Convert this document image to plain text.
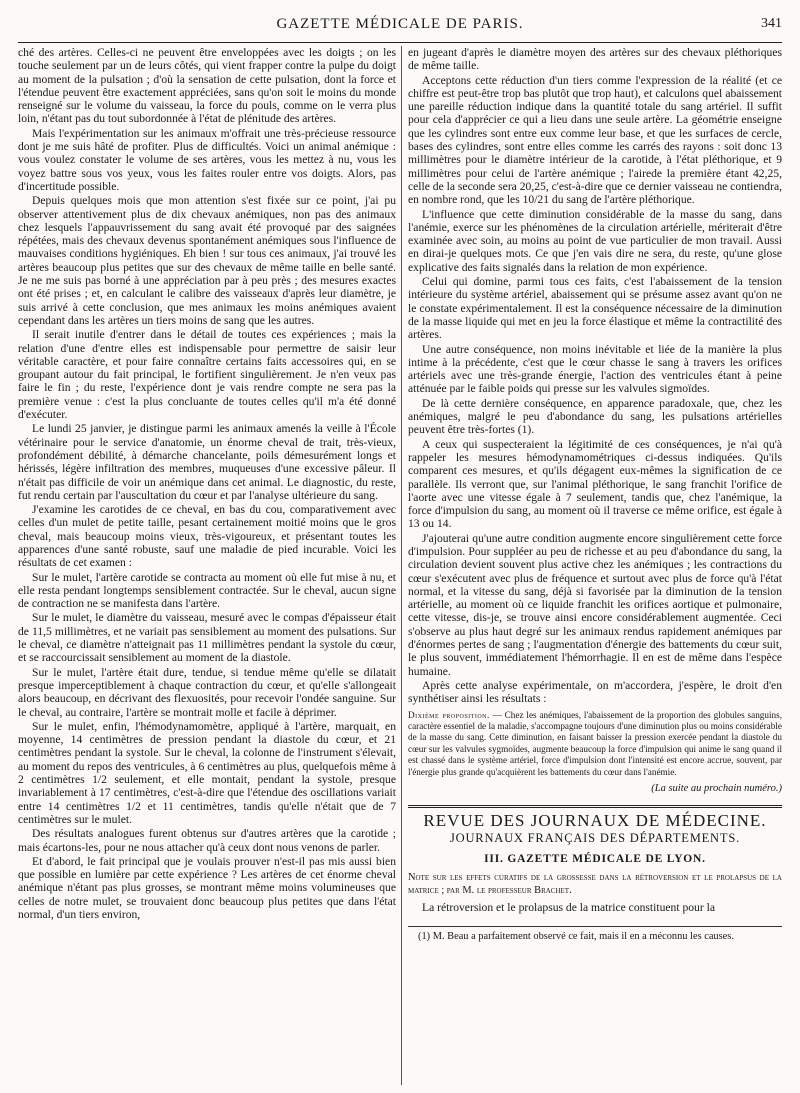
GAZETTE MÉDICALE DE PARIS.	341

ché des artères. Celles-ci ne peuvent être enveloppées avec les doigts ; on les touche seulement par un de leurs côtés, qui vient frapper contre la pulpe du doigt au moment de la pulsation ; d'où la sensation de cette pulsation, dont la force et l'étendue peuvent être exactement appréciées, sans qu'on soit le moins du monde renseigné sur le volume du vaisseau, la force du pouls, comme on le verra plus loin, n'étant pas du tout subordonnée à l'état de plénitude des artères.

Mais l'expérimentation sur les animaux m'offrait une très-précieuse ressource dont je me suis hâté de profiter. Plus de difficultés. Voici un animal anémique : vous voulez constater le volume de ses artères, vous les mettez à nu, vous les voyez battre sous vos yeux, vous les faites rouler entre vos doigts. Alors, pas d'incertitude possible.

Depuis quelques mois que mon attention s'est fixée sur ce point, j'ai pu observer attentivement plus de dix chevaux anémiques, non pas des animaux chez lesquels l'appauvrissement du sang avait été provoqué par des saignées répétées, mais des chevaux devenus spontanément anémiques sous l'influence de mauvaises conditions hygiéniques. Eh bien ! sur tous ces animaux, j'ai trouvé les artères beaucoup plus petites que sur des chevaux de même taille en belle santé. Je ne me suis pas borné à une appréciation par à peu près ; des mesures exactes ont été prises ; et, en calculant le calibre des vaisseaux d'après leur diamètre, je suis arrivé à cette conclusion, que mes animaux les moins anémiques avaient cependant dans les artères un tiers moins de sang que les autres.

Il serait inutile d'entrer dans le détail de toutes ces expériences ; mais la relation d'une d'entre elles est indispensable pour permettre de saisir leur véritable caractère, et pour faire connaître certains faits accessoires qui, en se groupant autour du fait principal, le fortifient singulièrement. Je n'en veux pas faire le fin ; du reste, l'expérience dont je vais rendre compte ne sera pas la première venue : c'est la plus concluante de toutes celles qu'il m'a été donné d'exécuter.

Le lundi 25 janvier, je distingue parmi les animaux amenés la veille à l'École vétérinaire pour le service d'anatomie, un énorme cheval de trait, très-vieux, profondément débilité, à démarche chancelante, poils démesurément longs et hérissés, légère infiltration des membres, muqueuses d'une excessive pâleur. Il n'était pas difficile de voir un anémique dans cet animal. Le diagnostic, du reste, fut rendu certain par l'auscultation du cœur et par l'analyse ultérieure du sang.

J'examine les carotides de ce cheval, en bas du cou, comparativement avec celles d'un mulet de petite taille, pesant certainement moitié moins que le gros cheval, mais beaucoup moins vieux, très-vigoureux, et présentant toutes les apparences d'une santé robuste, sauf une maladie de pied incurable. Voici les résultats de cet examen :

Sur le mulet, l'artère carotide se contracta au moment où elle fut mise à nu, et elle resta pendant longtemps sensiblement contractée. Sur le cheval, aucun signe de contraction ne se manifesta dans l'artère.

Sur le mulet, le diamètre du vaisseau, mesuré avec le compas d'épaisseur était de 11,5 millimètres, et ne variait pas sensiblement au moment des pulsations. Sur le cheval, ce diamètre n'atteignait pas 11 millimètres pendant la systole du cœur, et se raccourcissait sensiblement au moment de la diastole.

Sur le mulet, l'artère était dure, tendue, si tendue même qu'elle se dilatait presque imperceptiblement à chaque contraction du cœur, et qu'elle s'allongeait alors beaucoup, en décrivant des flexuosités, pour recevoir l'ondée sanguine. Sur le cheval, au contraire, l'artère se montrait molle et facile à déprimer.

Sur le mulet, enfin, l'hémodynamomètre, appliqué à l'artère, marquait, en moyenne, 14 centimètres de pression pendant la diastole du cœur, et 21 centimètres pendant la systole. Sur le cheval, la colonne de l'instrument s'élevait, au moment du repos des ventricules, à 6 centimètres au plus, quelquefois même à 2 centimètres 1/2 seulement, et elle montait, pendant la systole, presque invariablement à 17 centimètres, c'est-à-dire que l'étendue des oscillations variait entre 14 centimètres 1/2 et 11 centimètres, tandis qu'elle n'était que de 7 centimètres sur le mulet.

Des résultats analogues furent obtenus sur d'autres artères que la carotide ; mais écartons-les, pour ne nous attacher qu'à ceux dont nous venons de parler.

Et d'abord, le fait principal que je voulais prouver n'est-il pas mis aussi bien que possible en lumière par cette expérience ? Les artères de cet énorme cheval anémique n'étant pas plus grosses, se montrant même moins volumineuses que celles de notre mulet, se trouvaient donc beaucoup plus petites que dans l'état normal, d'un tiers environ,

en jugeant d'après le diamètre moyen des artères sur des chevaux pléthoriques de même taille.

Acceptons cette réduction d'un tiers comme l'expression de la réalité (et ce chiffre est peut-être trop bas plutôt que trop haut), et calculons quel abaissement une pareille réduction indique dans la quantité totale du sang artériel. Il suffit pour cela d'apprécier ce qui a lieu dans une seule artère. La géométrie enseigne que les cylindres sont entre eux comme leur base, et que les surfaces de cercle, bases des cylindres, sont entre elles comme les carrés des rayons : soit donc 13 millimètres pour le diamètre intérieur de la carotide, à l'état pléthorique, et 9 millimètres pour celui de l'artère anémique ; l'airede la première étant 42,25, celle de la seconde sera 20,25, c'est-à-dire que ce dernier vaisseau ne contiendra, en nombre rond, que les 10/21 du sang de l'artère pléthorique.

L'influence que cette diminution considérable de la masse du sang, dans l'anémie, exerce sur les phénomènes de la circulation artérielle, mériterait d'être examinée avec soin, au moins au point de vue particulier de mon travail. Aussi en dirai-je quelques mots. Ce que j'en vais dire ne sera, du reste, qu'une glose explicative des faits signalés dans la relation de mon expérience.

Celui qui domine, parmi tous ces faits, c'est l'abaissement de la tension intérieure du système artériel, abaissement qui se présume assez avant qu'on ne le constate expérimentalement. Il est la conséquence nécessaire de la diminution de la masse liquide qui met en jeu la force élastique et même la contractilité des artères.

Une autre conséquence, non moins inévitable et liée de la manière la plus intime à la précédente, c'est que le cœur chasse le sang à travers les orifices artériels avec une très-grande énergie, l'action des ventricules étant à peine atténuée par le faible poids qui presse sur les valvules sigmoïdes.

De là cette dernière conséquence, en apparence paradoxale, que, chez les anémiques, malgré le peu d'abondance du sang, les pulsations artérielles peuvent être très-fortes (1).

A ceux qui suspecteraient la légitimité de ces conséquences, je n'ai qu'à rappeler les mesures hémodynamométriques ci-dessus indiquées. Qu'ils comparent ces mesures, et qu'ils dégagent eux-mêmes la signification de ce parallèle. Ils verront que, sur l'animal pléthorique, le sang franchit l'orifice de l'aorte avec une vitesse égale à 7 seulement, tandis que, chez l'anémique, la force d'impulsion du sang, au moment où il traverse ce même orifice, est égale à 13 ou 14.

J'ajouterai qu'une autre condition augmente encore singulièrement cette force d'impulsion. Pour suppléer au peu de richesse et au peu d'abondance du sang, la circulation devient souvent plus active chez les anémiques ; les contractions du cœur s'exécutent avec plus de fréquence et surtout avec plus de force qu'à l'état normal, et la vitesse du sang, déjà si favorisée par la diminution de la tension artérielle, au moment où ce liquide franchit les orifices aortique et pulmonaire, cette vitesse, dis-je, se trouve ainsi encore considérablement augmentée. Ceci s'observe au plus haut degré sur les animaux rendus rapidement anémiques par d'énormes pertes de sang ; l'augmentation d'énergie des battements du cœur suit, le plus souvent, immédiatement l'hémorrhagie. Il en est de même dans l'espèce humaine.

Après cette analyse expérimentale, on m'accordera, j'espère, le droit d'en synthétiser ainsi les résultats :

Dixième proposition. — Chez les anémiques, l'abaissement de la proportion des globules sanguins, caractère essentiel de la maladie, s'accompagne toujours d'une diminution plus ou moins considérable de la masse du sang. Cette diminution, en faisant baisser la pression exercée pendant la diastole du cœur sur les valvules sygmoïdes, augmente beaucoup la force d'impulsion qui anime le sang quand il est chassé dans le système artériel, force d'impulsion dont l'intensité est encore accrue, souvent, par l'énergie plus grande qu'acquièrent les battements du cœur dans l'anémie.
(La suite au prochain numéro.)
REVUE DES JOURNAUX DE MÉDECINE.
JOURNAUX FRANÇAIS DES DÉPARTEMENTS.
III. GAZETTE MÉDICALE DE LYON.
Note sur les effets curatifs de la grossesse dans la rétroversion et le prolapsus de la matrice ; par M. le professeur Brachet.

La rétroversion et le prolapsus de la matrice constituent pour la

(1) M. Beau a parfaitement observé ce fait, mais il en a méconnu les causes.
